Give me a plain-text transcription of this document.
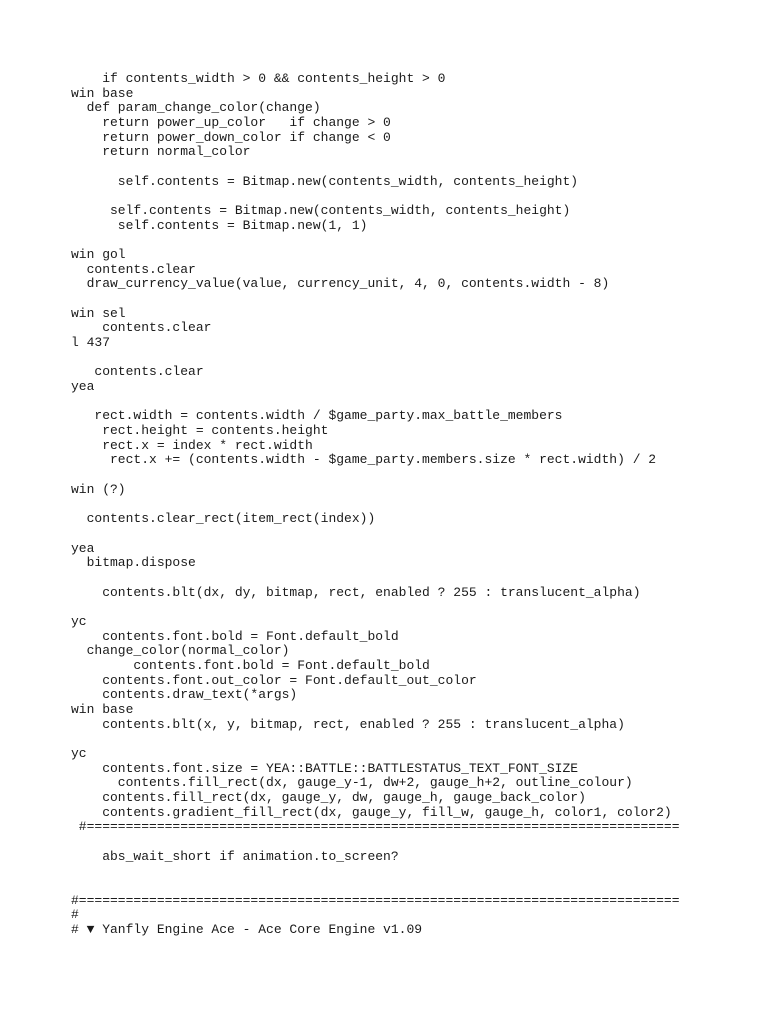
if contents_width > 0 && contents_height > 0
win base
def param_change_color(change)
return power_up_color   if change > 0
return power_down_color if change < 0
return normal_color
self.contents = Bitmap.new(contents_width, contents_height)
self.contents = Bitmap.new(contents_width, contents_height)
self.contents = Bitmap.new(1, 1)
win gol
contents.clear
draw_currency_value(value, currency_unit, 4, 0, contents.width - 8)
win sel
contents.clear
l 437
contents.clear
yea
rect.width = contents.width / $game_party.max_battle_members
rect.height = contents.height
rect.x = index * rect.width
rect.x += (contents.width - $game_party.members.size * rect.width) / 2
win (?)
contents.clear_rect(item_rect(index))
yea
bitmap.dispose
contents.blt(dx, dy, bitmap, rect, enabled ? 255 : translucent_alpha)
yc
contents.font.bold = Font.default_bold
change_color(normal_color)
contents.font.bold = Font.default_bold
contents.font.out_color = Font.default_out_color
contents.draw_text(*args)
win base
contents.blt(x, y, bitmap, rect, enabled ? 255 : translucent_alpha)
yc
contents.font.size = YEA::BATTLE::BATTLESTATUS_TEXT_FONT_SIZE
contents.fill_rect(dx, gauge_y-1, dw+2, gauge_h+2, outline_colour)
contents.fill_rect(dx, gauge_y, dw, gauge_h, gauge_back_color)
contents.gradient_fill_rect(dx, gauge_y, fill_w, gauge_h, color1, color2)
#============================================================================
abs_wait_short if animation.to_screen?
#=============================================================================
#
# ▼ Yanfly Engine Ace - Ace Core Engine v1.09
